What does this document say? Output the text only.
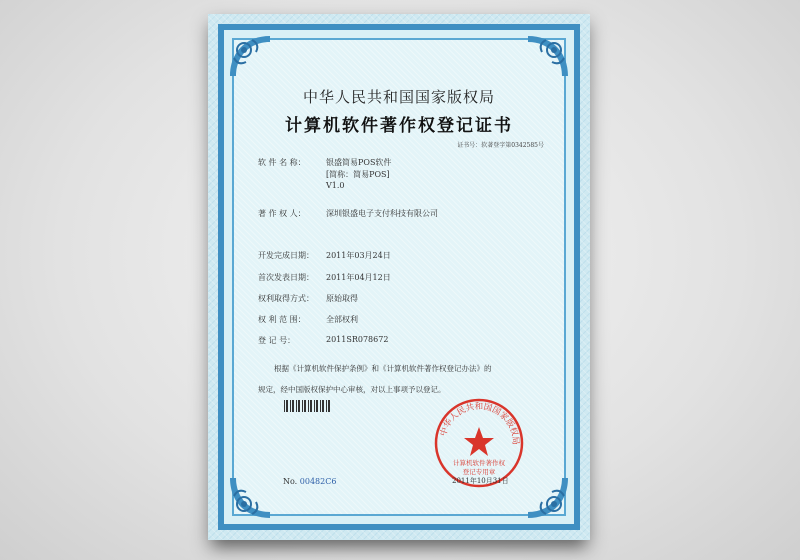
中华人民共和国国家版权局
计算机软件著作权登记证书
证书号：软著登字第0342585号
软 件 名 称：	银盛简易POS软件
[简称：简易POS]
V1.0
著 作 权 人：	深圳银盛电子支付科技有限公司
开发完成日期：	2011年03月24日
首次发表日期：	2011年04月12日
权利取得方式：	原始取得
权 利 范 围：	全部权利
登 记 号：	2011SR078672
根据《计算机软件保护条例》和《计算机软件著作权登记办法》的
规定，经中国版权保护中心审核，对以上事项予以登记。
中华人民共和国国家版权局
计算机软件著作权
登记专用章
No. 00482C6	2011年10月31日
